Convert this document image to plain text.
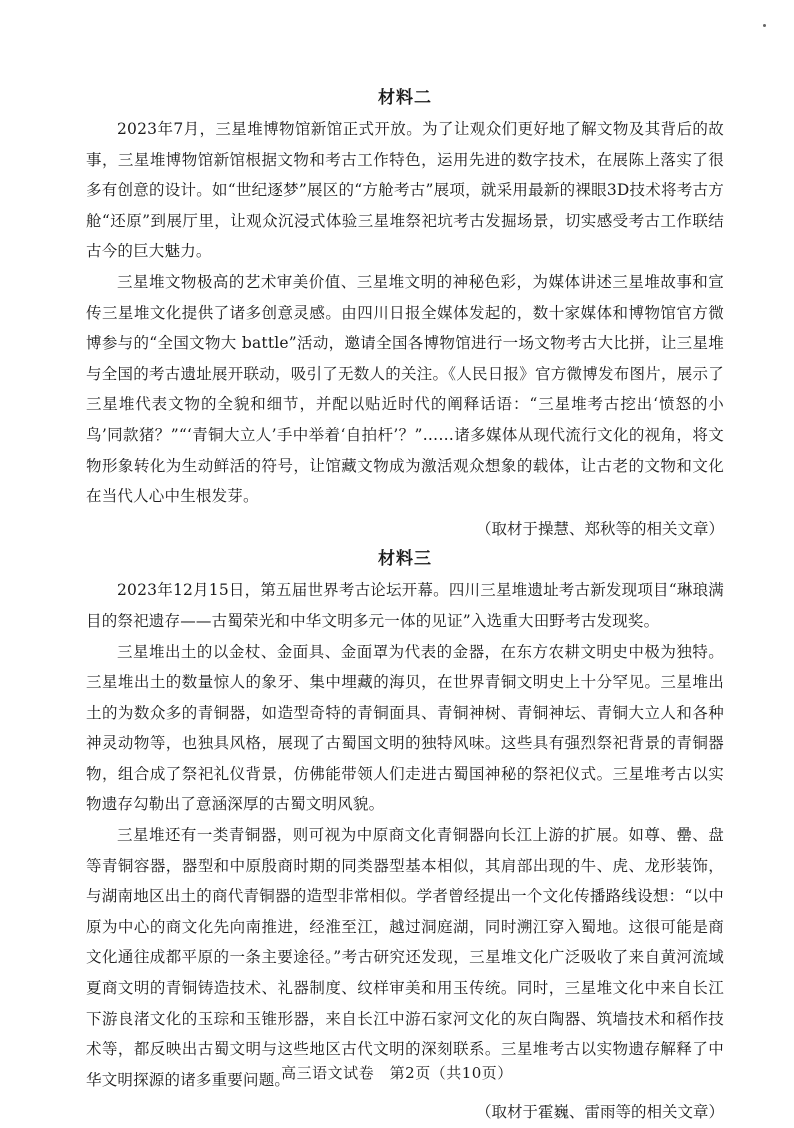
材料二

2023年7月，三星堆博物馆新馆正式开放。为了让观众们更好地了解文物及其背后的故事，三星堆博物馆新馆根据文物和考古工作特色，运用先进的数字技术，在展陈上落实了很多有创意的设计。如“世纪逐梦”展区的“方舱考古”展项，就采用最新的裸眼3D技术将考古方舱“还原”到展厅里，让观众沉浸式体验三星堆祭祀坑考古发掘场景，切实感受考古工作联结古今的巨大魅力。

三星堆文物极高的艺术审美价值、三星堆文明的神秘色彩，为媒体讲述三星堆故事和宣传三星堆文化提供了诸多创意灵感。由四川日报全媒体发起的，数十家媒体和博物馆官方微博参与的“全国文物大 battle”活动，邀请全国各博物馆进行一场文物考古大比拼，让三星堆与全国的考古遗址展开联动，吸引了无数人的关注。《人民日报》官方微博发布图片，展示了三星堆代表文物的全貌和细节，并配以贴近时代的阐释话语：“三星堆考古挖出‘愤怒的小鸟’同款猪？”“‘青铜大立人’手中举着‘自拍杆’？”……诸多媒体从现代流行文化的视角，将文物形象转化为生动鲜活的符号，让馆藏文物成为激活观众想象的载体，让古老的文物和文化在当代人心中生根发芽。

（取材于操慧、郑秋等的相关文章）
材料三

2023年12月15日，第五届世界考古论坛开幕。四川三星堆遗址考古新发现项目“琳琅满目的祭祀遗存——古蜀荣光和中华文明多元一体的见证”入选重大田野考古发现奖。

三星堆出土的以金杖、金面具、金面罩为代表的金器，在东方农耕文明史中极为独特。三星堆出土的数量惊人的象牙、集中埋藏的海贝，在世界青铜文明史上十分罕见。三星堆出土的为数众多的青铜器，如造型奇特的青铜面具、青铜神树、青铜神坛、青铜大立人和各种神灵动物等，也独具风格，展现了古蜀国文明的独特风味。这些具有强烈祭祀背景的青铜器物，组合成了祭祀礼仪背景，仿佛能带领人们走进古蜀国神秘的祭祀仪式。三星堆考古以实物遗存勾勒出了意涵深厚的古蜀文明风貌。

三星堆还有一类青铜器，则可视为中原商文化青铜器向长江上游的扩展。如尊、罍、盘等青铜容器，器型和中原殷商时期的同类器型基本相似，其肩部出现的牛、虎、龙形装饰，与湖南地区出土的商代青铜器的造型非常相似。学者曾经提出一个文化传播路线设想：“以中原为中心的商文化先向南推进，经淮至江，越过洞庭湖，同时溯江穿入蜀地。这很可能是商文化通往成都平原的一条主要途径。”考古研究还发现，三星堆文化广泛吸收了来自黄河流域夏商文明的青铜铸造技术、礼器制度、纹样审美和用玉传统。同时，三星堆文化中来自长江下游良渚文化的玉琮和玉锥形器，来自长江中游石家河文化的灰白陶器、筑墙技术和稻作技术等，都反映出古蜀文明与这些地区古代文明的深刻联系。三星堆考古以实物遗存解释了中华文明探源的诸多重要问题。

（取材于霍巍、雷雨等的相关文章）
高三语文试卷　第2页（共10页）
